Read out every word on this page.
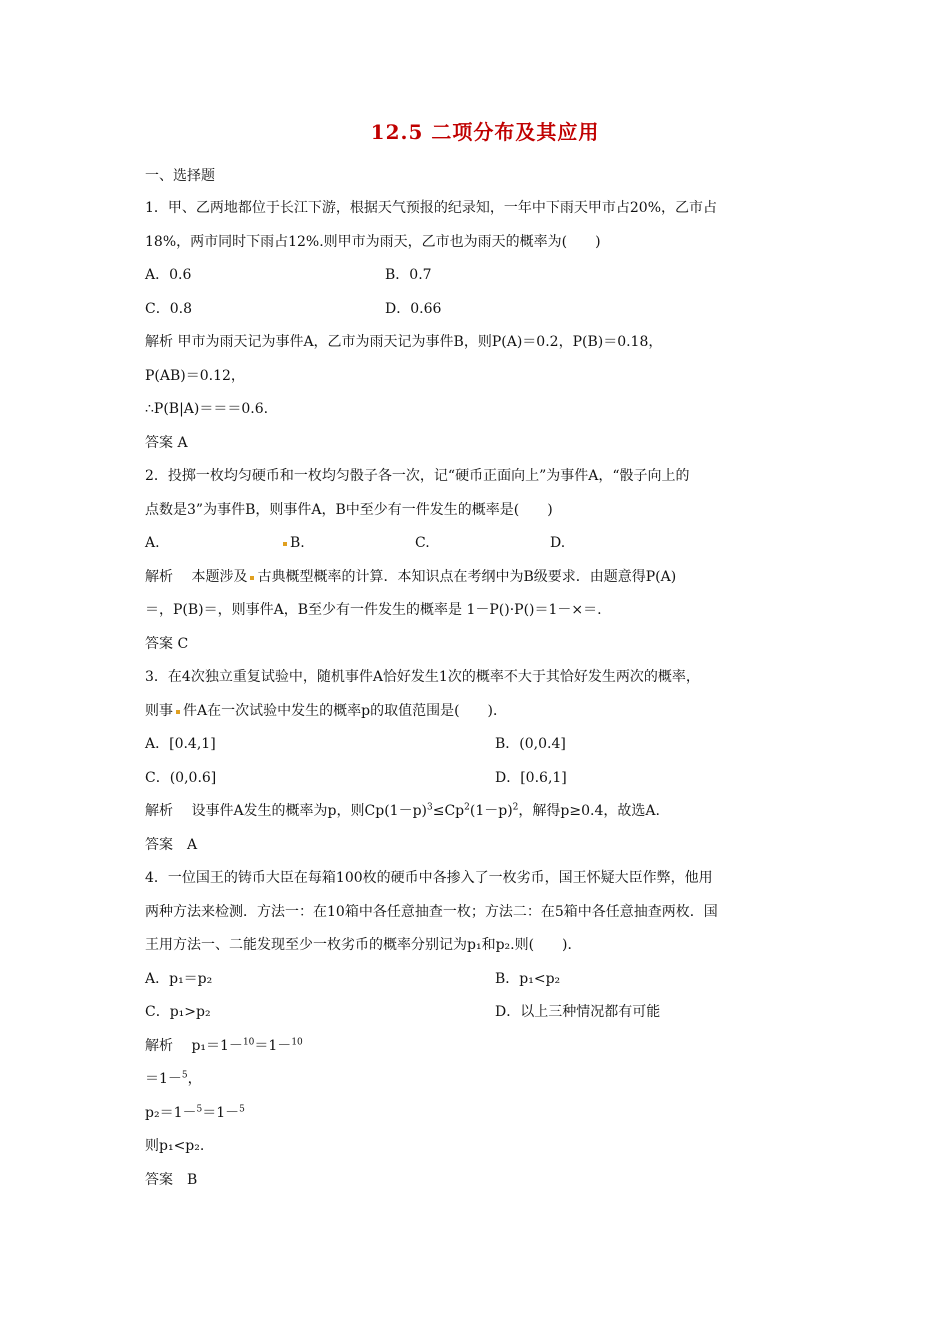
12.5 二项分布及其应用
一、选择题
1．甲、乙两地都位于长江下游，根据天气预报的纪录知，一年中下雨天甲市占20%，乙市占
18%，两市同时下雨占12%.则甲市为雨天，乙市也为雨天的概率为(　　)
A．0.6	B．0.7
C．0.8	D．0.66
解析 甲市为雨天记为事件A，乙市为雨天记为事件B，则P(A)＝0.2，P(B)＝0.18，
P(AB)＝0.12，
∴P(B|A)＝＝＝0.6.
答案 A
2．投掷一枚均匀硬币和一枚均匀骰子各一次，记“硬币正面向上”为事件A，“骰子向上的
点数是3”为事件B，则事件A，B中至少有一件发生的概率是(　　)
A.	B.	C.	D.
解析　 本题涉及 古典概型概率的计算．本知识点在考纲中为B级要求．由题意得P(A)
＝，P(B)＝，则事件A，B至少有一件发生的概率是 1－P()·P()＝1－×＝.
答案 C
3．在4次独立重复试验中，随机事件A恰好发生1次的概率不大于其恰好发生两次的概率，
则事 件A在一次试验中发生的概率p的取值范围是(　　)．
A．[0.4,1]	B．(0,0.4]
C．(0,0.6]	D．[0.6,1]
解析　 设事件A发生的概率为p，则$Cp(1-p)^3\le Cp^2(1-p)^2$，解得p≥0.4，故选A.
答案　A
4．一位国王的铸币大臣在每箱100枚的硬币中各掺入了一枚劣币，国王怀疑大臣作弊，他用
两种方法来检测．方法一：在10箱中各任意抽查一枚；方法二：在5箱中各任意抽查两枚．国
王用方法一、二能发现至少一枚劣币的概率分别记为p₁和p₂.则(　　)．
A．p₁＝p₂	B．p₁<p₂
C．p₁>p₂	D．以上三种情况都有可能
解析　 p₁＝1－$^{10}$＝1－$^{10}$
＝1－$^5$，
p₂＝1－$^5$＝1－$^5$
则p₁<p₂.
答案　B
